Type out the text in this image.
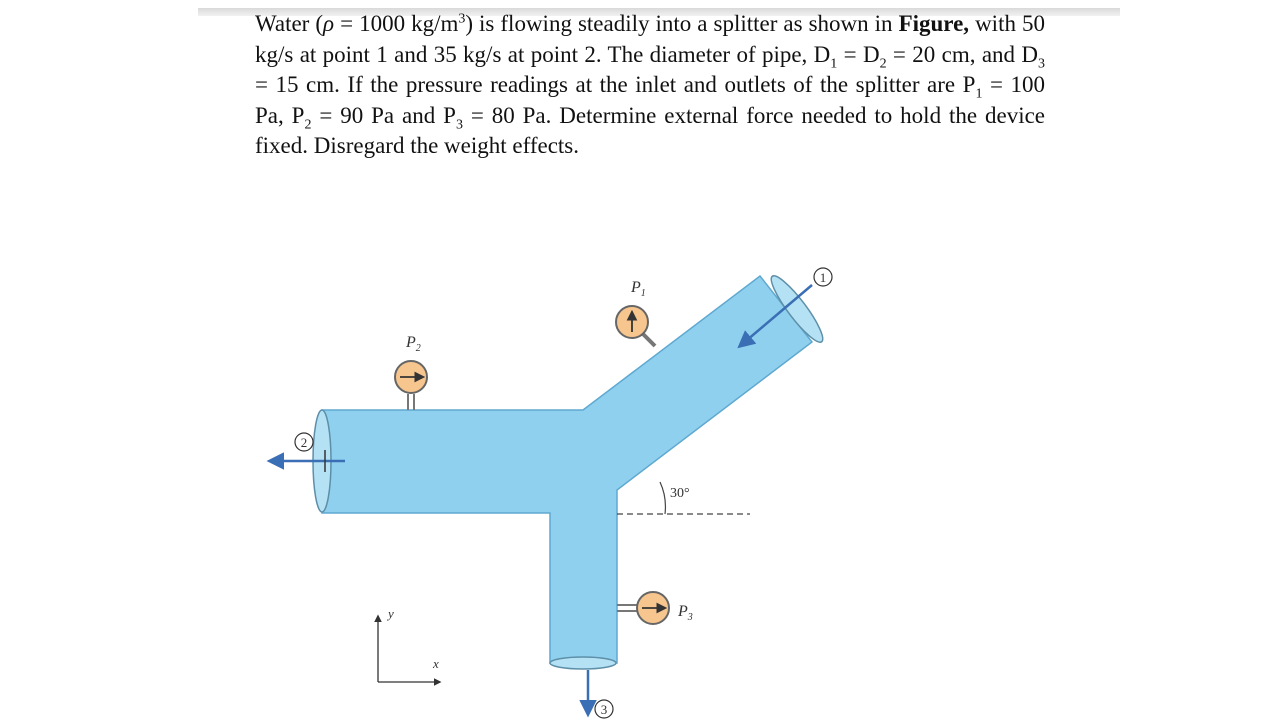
Water (ρ = 1000 $kg/m^3$) is flowing steadily into a splitter as shown in Figure, with 50 kg/s at point 1 and 35 kg/s at point 2. The diameter of pipe, $D_1 = D_2 = 20$ cm, and $D_3 = 15$ cm. If the pressure readings at the inlet and outlets of the splitter are $P_1 = 100$ Pa, $P_2 = 90$ Pa and $P_3 = 80$ Pa. Determine external force needed to hold the device fixed. Disregard the weight effects.
1
2
3
$P_1$
$P_2$
$P_3$
30°
y
x
